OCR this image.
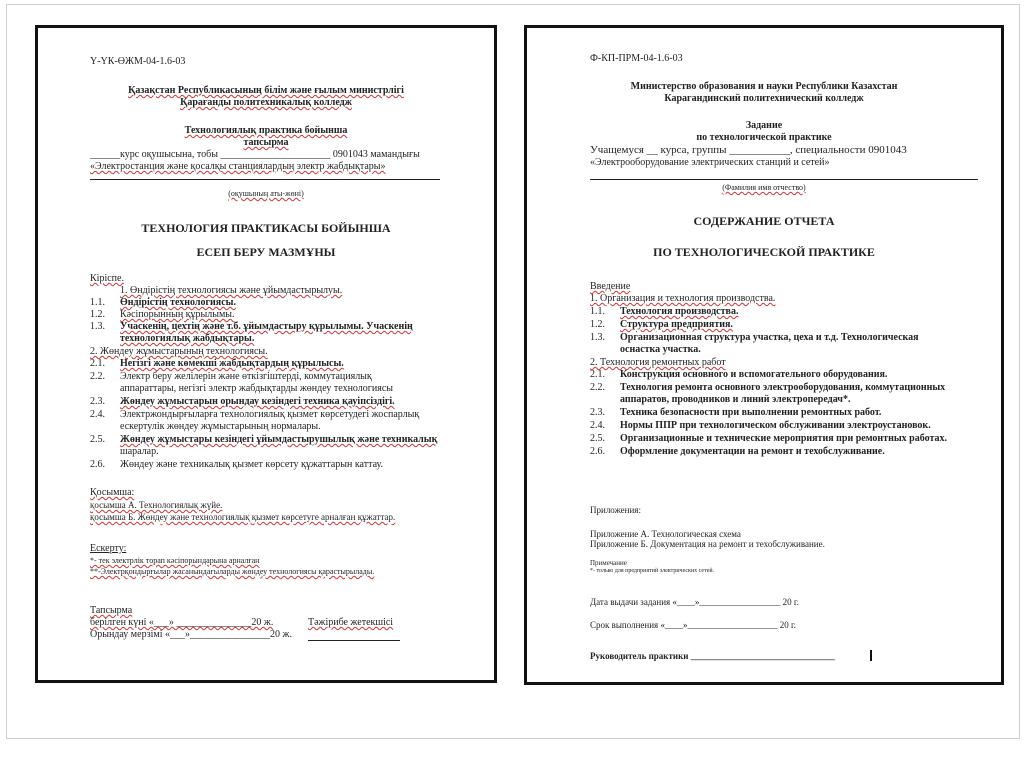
Ү-ҮК-ӨЖМ-04-1.6-03
Қазақстан Республикасының білім және ғылым министрлігі
Қарағанды политехникалық колледж
Технологиялық практика бойынша
тапсырма
______курс оқушысына, тобы ______________________ 0901043 мамандығы
«Электростанция және қосалқы станциялардың электр жабдықтары»
(оқушының аты-жөні)
ТЕХНОЛОГИЯ ПРАКТИКАСЫ БОЙЫНША
ЕСЕП БЕРУ МАЗМҰНЫ
Кіріспе.
1. Өндірістің технологиясы және ұйымдастырылуы.
1.1. Өндірістің технологиясы.
1.2. Кәсіпорынның құрылымы.
1.3. Учаскенің, цехтің және т.б. ұйымдастыру құрылымы. Учаскенің
технологиялық жабдықтары.
2. Жөндеу жұмыстарының технологиясы.
2.1. Негізгі және көмекші жабдықтардың құрылысы.
2.2. Электр беру желілерін және өткізгіштерді, коммутациялық
аппараттары, негізгі электр жабдықтарды жөндеу технологиясы
2.3. Жөндеу жұмыстарын орындау кезіндегі техника қауіпсіздігі.
2.4. Электржондырғыларға технологиялық қызмет көрсетудегі жоспарлық
ескертулік жөндеу жұмыстарының нормалары.
2.5. Жөндеу жұмыстары кезіндегі ұйымдастырушылық және техникалық
шаралар.
2.6. Жөндеу және техникалық қызмет көрсету құжаттарын каттау.
Қосымша:
қосымша А. Технологиялық жүйе.
қосымша Б. Жөндеу және технологиялық қызмет көрсетуге арналған құжаттар.
Ескерту:
*- тек электрлік торап кәсіпорындарына арналған
**-Электрқондырғылар жасанындағыларды жөндеу технологиясы қарастырылады.
Тапсырма
берілген күні «___» _______________20 ж.	Тәжірибе жетекшісі
Орындау мерзімі «___»________________20 ж.
Ф-КП-ПРМ-04-1.6-03
Министерство образования и науки Республики Казахстан
Карагандинский политехнический колледж
Задание
по технологической практике
Учащемуся __ курса, группы ___________, специальности 0901043
«Электрооборудование электрических станций и сетей»
(Фамилия имя отчество)
СОДЕРЖАНИЕ ОТЧЕТА
ПО ТЕХНОЛОГИЧЕСКОЙ ПРАКТИКЕ
Введение
1. Организация и технология производства.
1.1. Технология производства.
1.2. Структура предприятия.
1.3. Организационная структура участка, цеха и т.д. Технологическая
оснастка участка.
2. Технология ремонтных работ
2.1. Конструкция основного и вспомогательного оборудования.
2.2. Технология ремонта основного электрооборудования, коммутационных
аппаратов, проводников и линий электропередач*.
2.3. Техника безопасности при выполнении ремонтных работ.
2.4. Нормы ППР при технологическом обслуживании электроустановок.
2.5. Организационные и технические мероприятия при ремонтных работах.
2.6. Оформление документации на ремонт и техобслуживание.
Приложения:
Приложение А. Технологическая схема
Приложение Б. Документация на ремонт и техобслуживание.
Примечание
*- только для предприятий электрических сетей.
Дата выдачи задания «____»__________________ 20 г.
Срок выполнения «____»____________________ 20 г.
Руководитель практики ________________________________
